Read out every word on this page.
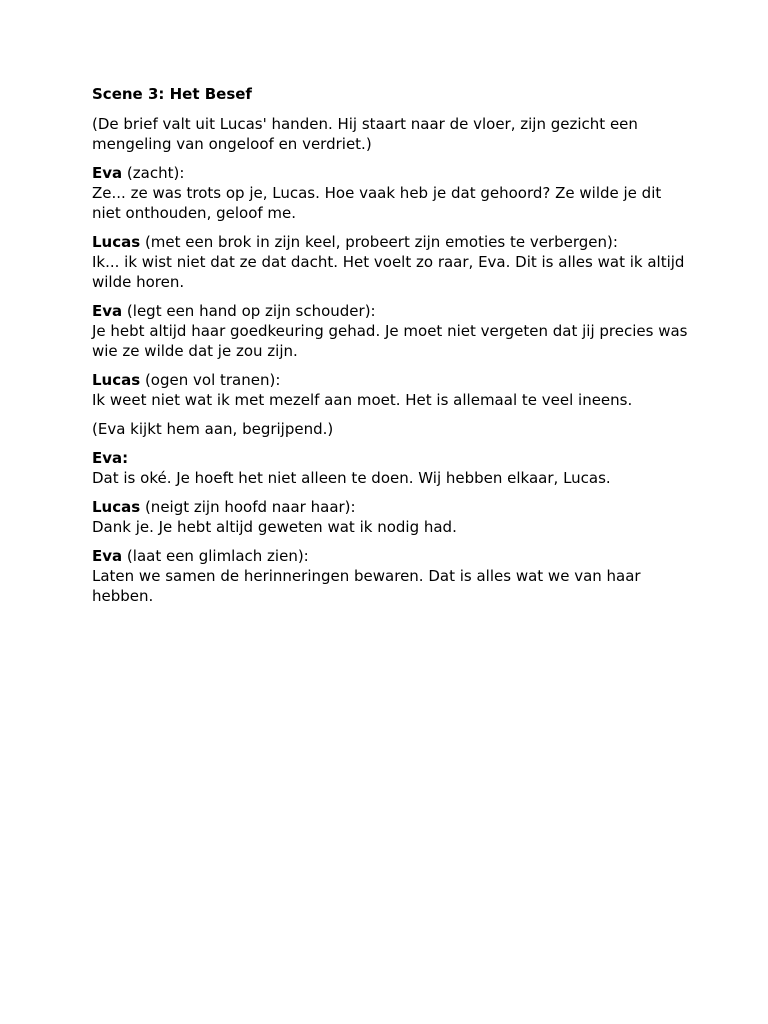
Scene 3: Het Besef

(De brief valt uit Lucas' handen. Hij staart naar de vloer, zijn gezicht een mengeling van ongeloof en verdriet.)

Eva (zacht):
Ze... ze was trots op je, Lucas. Hoe vaak heb je dat gehoord? Ze wilde je dit niet onthouden, geloof me.

Lucas (met een brok in zijn keel, probeert zijn emoties te verbergen):
Ik... ik wist niet dat ze dat dacht. Het voelt zo raar, Eva. Dit is alles wat ik altijd wilde horen.

Eva (legt een hand op zijn schouder):
Je hebt altijd haar goedkeuring gehad. Je moet niet vergeten dat jij precies was wie ze wilde dat je zou zijn.

Lucas (ogen vol tranen):
Ik weet niet wat ik met mezelf aan moet. Het is allemaal te veel ineens.

(Eva kijkt hem aan, begrijpend.)

Eva:
Dat is oké. Je hoeft het niet alleen te doen. Wij hebben elkaar, Lucas.

Lucas (neigt zijn hoofd naar haar):
Dank je. Je hebt altijd geweten wat ik nodig had.

Eva (laat een glimlach zien):
Laten we samen de herinneringen bewaren. Dat is alles wat we van haar hebben.
